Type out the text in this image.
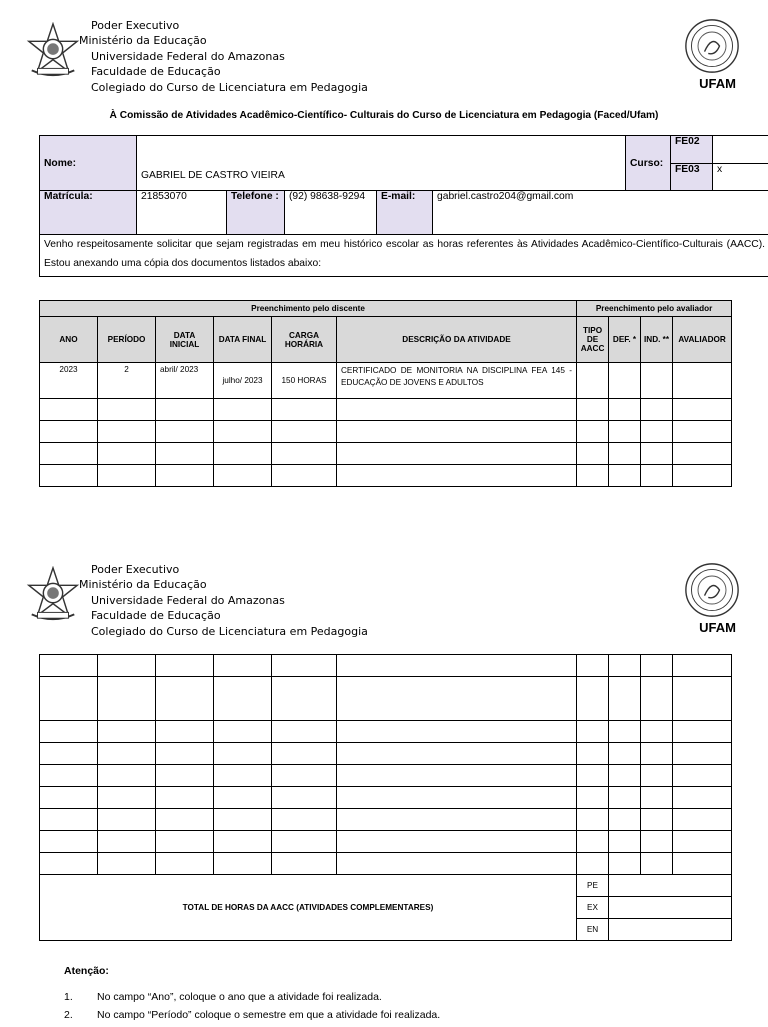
Poder Executivo
Ministério da Educação
Universidade Federal do Amazonas
Faculdade de Educação
Colegiado do Curso de Licenciatura em Pedagogia	UFAM
À Comissão de Atividades Acadêmico-Científico- Culturais do Curso de Licenciatura em Pedagogia (Faced/Ufam)
Nome:	GABRIEL DE CASTRO VIEIRA					Curso:	FE02	
							FE03	x
Matrícula:	21853070	Telefone :	(92) 98638-9294	E-mail:	gabriel.castro204@gmail.com			
Venho respeitosamente solicitar que sejam registradas em meu histórico escolar as horas referentes às Atividades Acadêmico-Científico-Culturais (AACC). Estou anexando uma cópia dos documentos listados abaixo:								
Preenchimento pelo discente						Preenchimento pelo avaliador			
ANO	PERÍODO	DATA INICIAL	DATA FINAL	CARGA HORÁRIA	DESCRIÇÃO DA ATIVIDADE	TIPO DE AACC	DEF. *	IND. **	AVALIADOR
2023	2	abril/ 2023	julho/ 2023	150 HORAS	CERTIFICADO DE MONITORIA NA DISCIPLINA FEA 145 - EDUCAÇÃO DE JOVENS E ADULTOS				

Poder Executivo
Ministério da Educação
Universidade Federal do Amazonas
Faculdade de Educação
Colegiado do Curso de Licenciatura em Pedagogia	UFAM

TOTAL DE HORAS DA AACC (ATIVIDADES COMPLEMENTARES)						PE			
						EX			
						EN			
Atenção:
1. No campo “Ano”, coloque o ano que a atividade foi realizada.
2. No campo “Período” coloque o semestre em que a atividade foi realizada.
